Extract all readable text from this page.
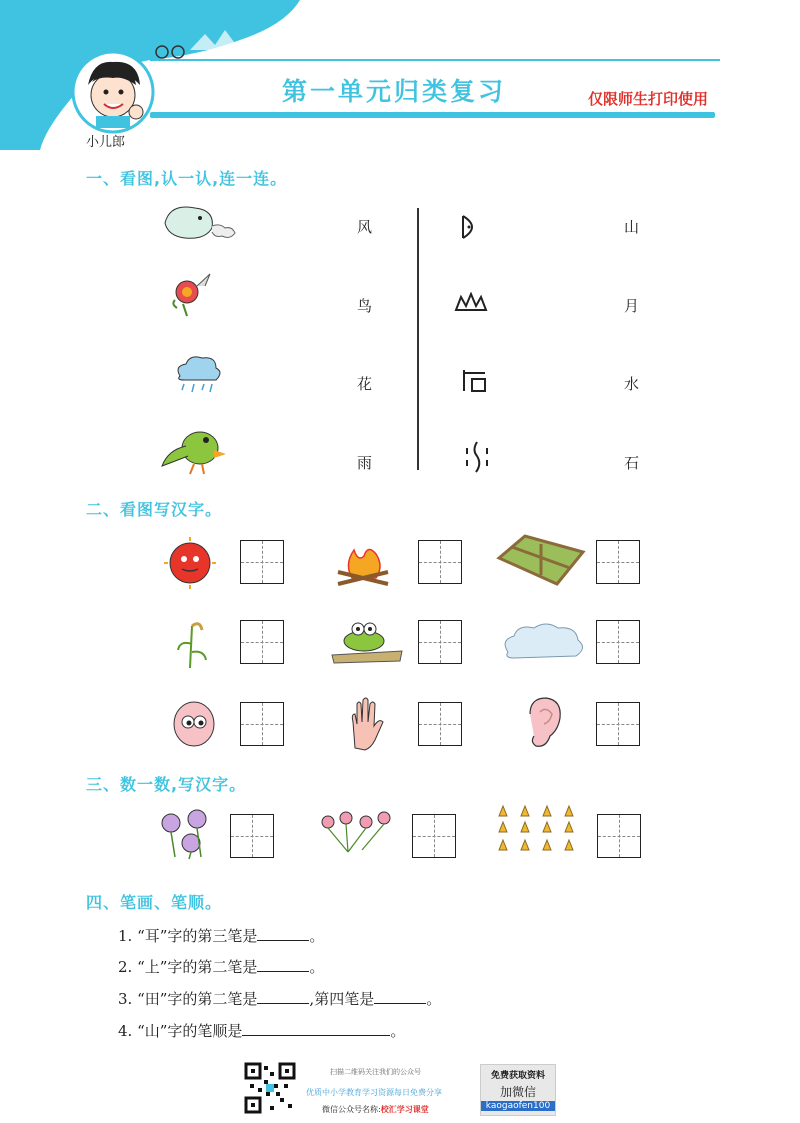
小儿郎
第一单元归类复习	仅限师生打印使用
一、看图,认一认,连一连。
风
鸟
花
雨
山
月
水
石
二、看图写汉字。
三、数一数,写汉字。
四、笔画、笔顺。
1. “耳”字的第三笔是	。
2. “上”字的第二笔是	。
3. “田”字的第二笔是	,第四笔是	。
4. “山”字的笔顺是	。
扫描二维码关注我们的公众号
优质中小学教育学习资源每日免费分享
微信公众号名称:校汇学习课堂
免费获取资料
加微信
kaogaofen100
